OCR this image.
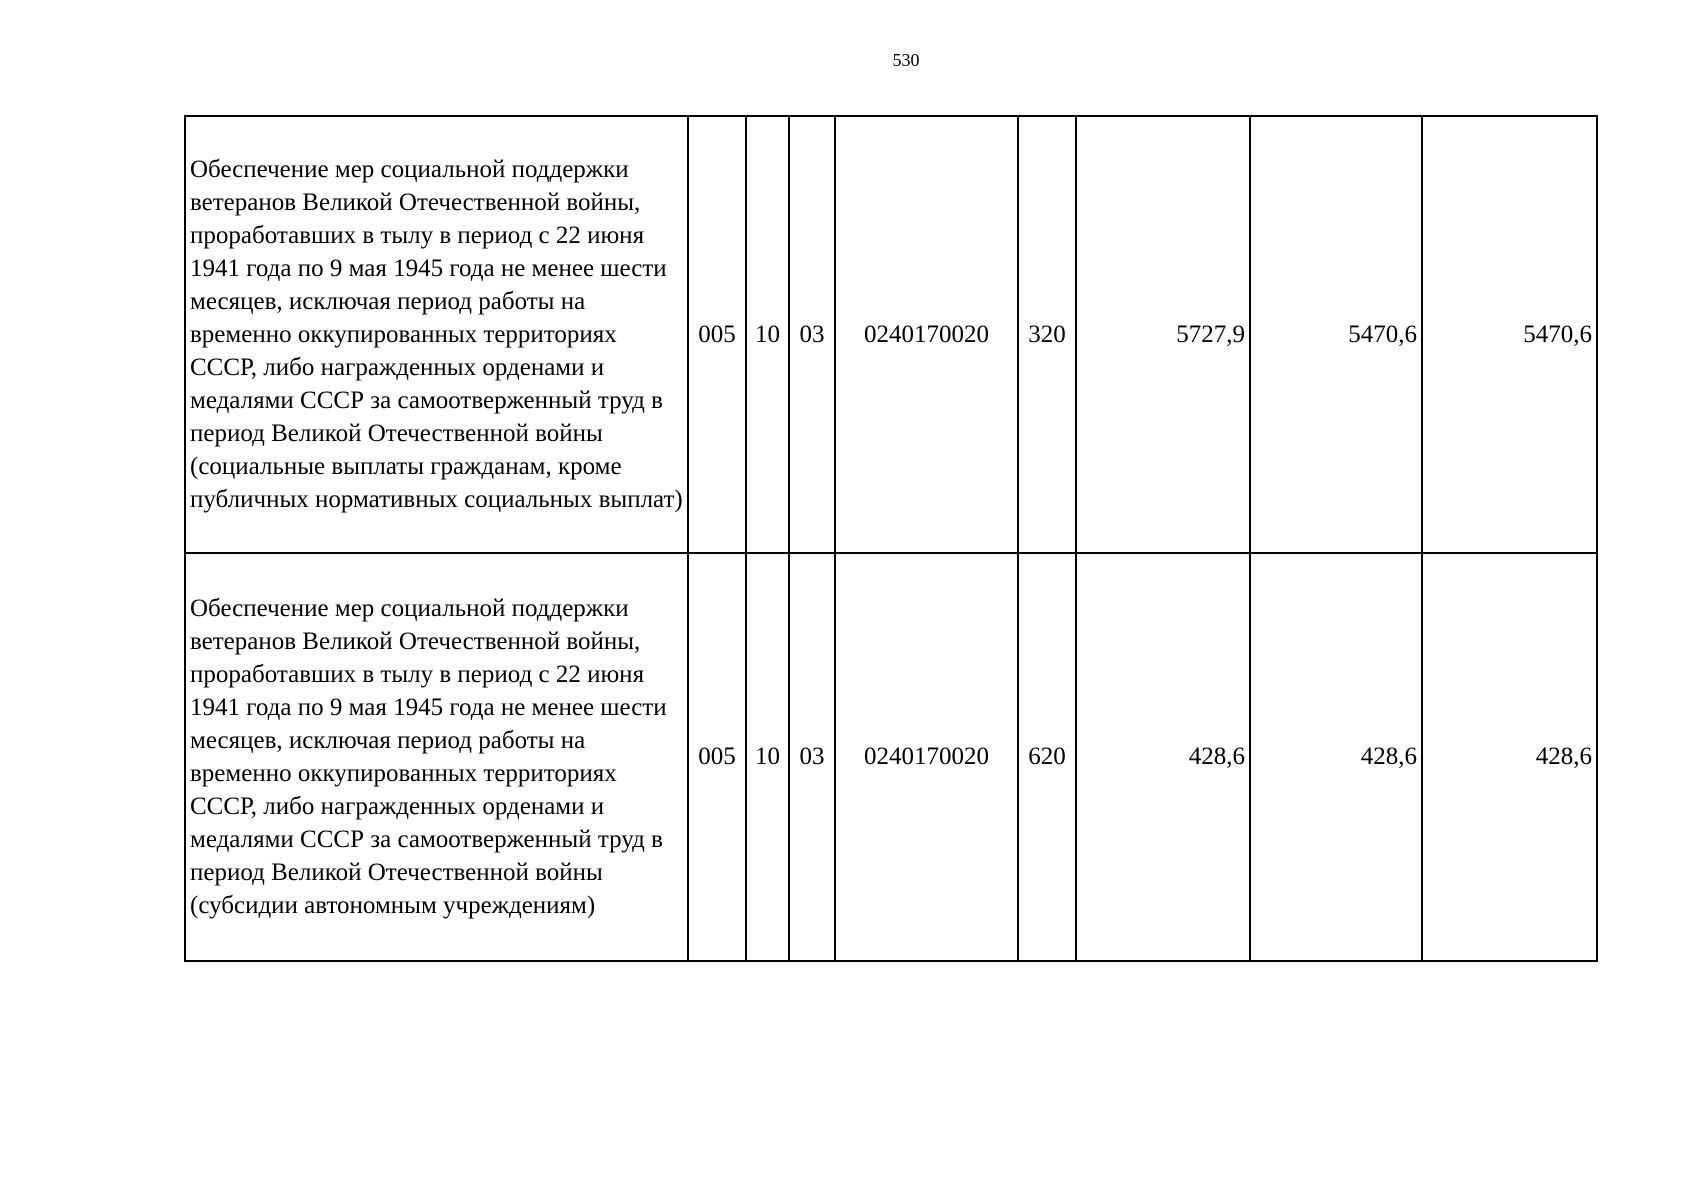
530
Обеспечение мер социальной поддержки ветеранов Великой Отечественной войны, проработавших в тылу в период с 22 июня 1941 года по 9 мая 1945 года не менее шести месяцев, исключая период работы на временно оккупированных территориях СССР, либо награжденных орденами и медалями СССР за самоотверженный труд в период Великой Отечественной войны (социальные выплаты гражданам, кроме публичных нормативных социальных выплат)	005	10	03	0240170020	320	5727,9	5470,6	5470,6
Обеспечение мер социальной поддержки ветеранов Великой Отечественной войны, проработавших в тылу в период с 22 июня 1941 года по 9 мая 1945 года не менее шести месяцев, исключая период работы на временно оккупированных территориях СССР, либо награжденных орденами и медалями СССР за самоотверженный труд в период Великой Отечественной войны (субсидии автономным учреждениям)	005	10	03	0240170020	620	428,6	428,6	428,6
